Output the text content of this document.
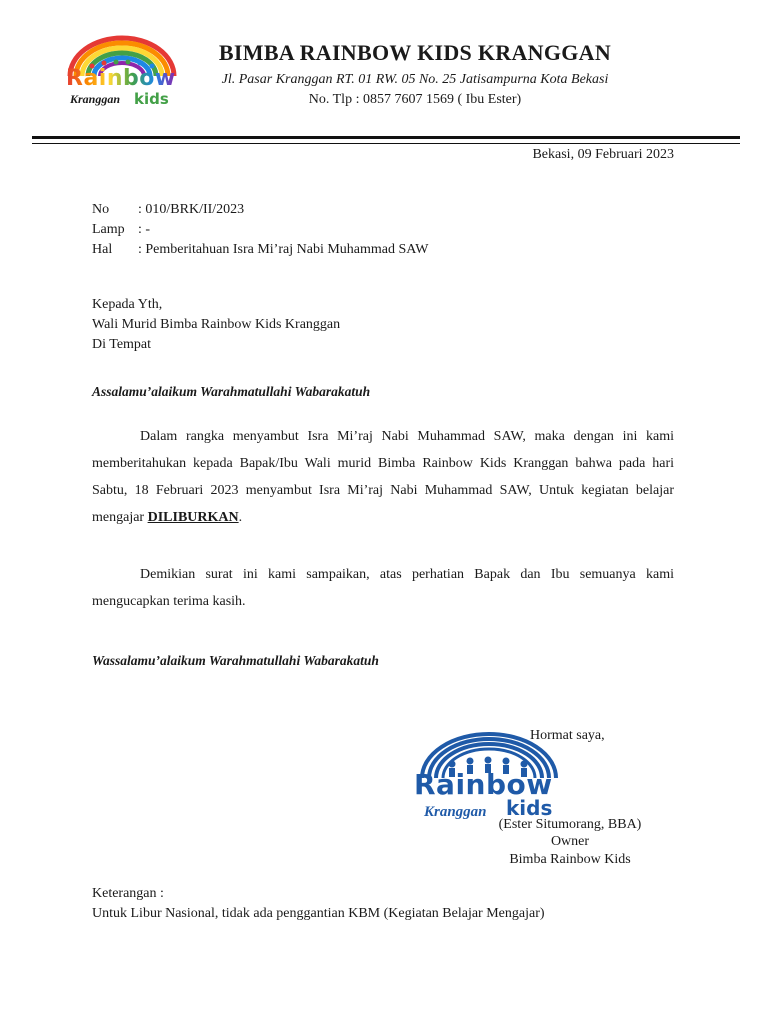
Rainbow
Kranggan kids
BIMBA RAINBOW KIDS KRANGGAN
Jl. Pasar Kranggan RT. 01 RW. 05 No. 25 Jatisampurna Kota Bekasi
No. Tlp : 0857 7607 1569 ( Ibu Ester)
Bekasi, 09 Februari 2023
No : 010/BRK/II/2023
Lamp : -
Hal : Pemberitahuan Isra Mi’raj Nabi Muhammad SAW
Kepada Yth,
Wali Murid Bimba Rainbow Kids Kranggan
Di Tempat
Assalamu’alaikum Warahmatullahi Wabarakatuh
Dalam rangka menyambut Isra Mi’raj Nabi Muhammad SAW, maka dengan ini kami memberitahukan kepada Bapak/Ibu Wali murid Bimba Rainbow Kids Kranggan bahwa pada hari Sabtu, 18 Februari 2023 menyambut Isra Mi’raj Nabi Muhammad SAW, Untuk kegiatan belajar mengajar DILIBURKAN.
Demikian surat ini kami sampaikan, atas perhatian Bapak dan Ibu semuanya kami mengucapkan terima kasih.
Wassalamu’alaikum Warahmatullahi Wabarakatuh
Hormat saya,
Rainbow
Kranggan kids
(Ester Situmorang, BBA)
Owner
Bimba Rainbow Kids
Keterangan :
Untuk Libur Nasional, tidak ada penggantian KBM (Kegiatan Belajar Mengajar)
